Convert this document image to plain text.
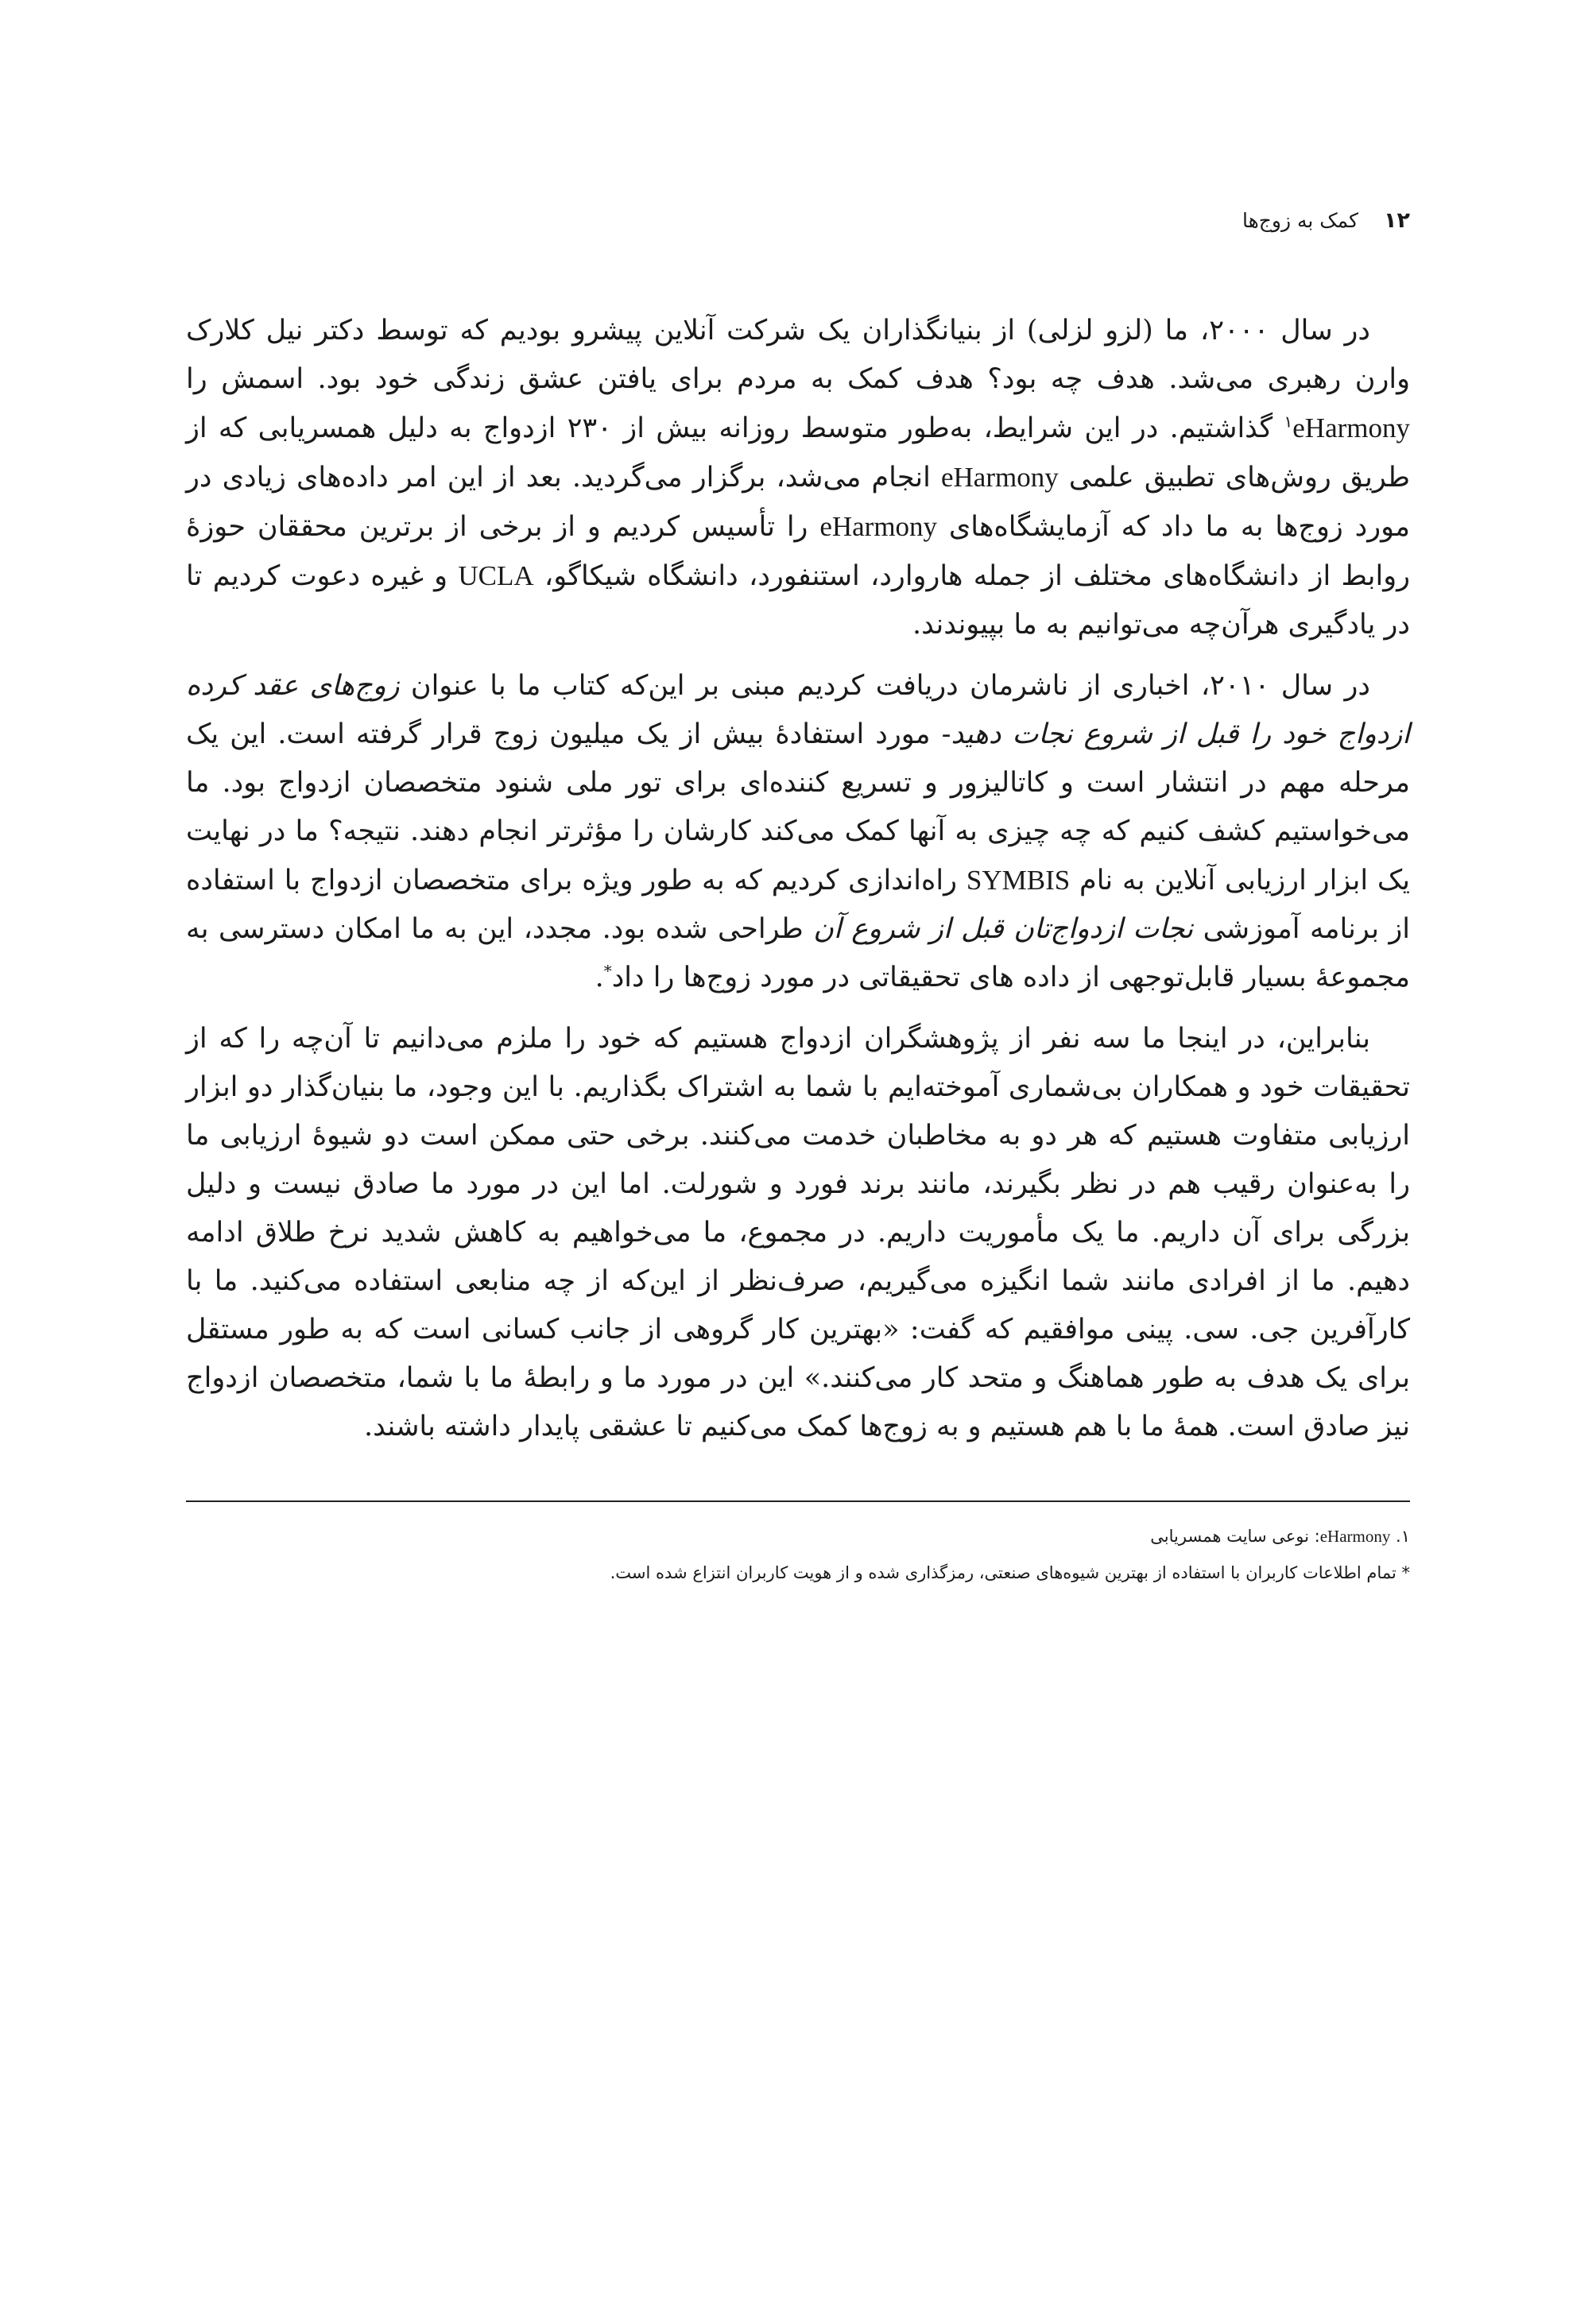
۱۲
کمک به زوج‌ها

در سال ۲۰۰۰، ما (لزو لزلی) از بنیانگذاران یک شرکت آنلاین پیشرو بودیم که توسط دکتر نیل کلارک وارن رهبری می‌شد. هدف چه بود؟ هدف کمک به مردم برای یافتن عشق زندگی خود بود. اسمش را eHarmony$^۱$ گذاشتیم. در این شرایط، به‌طور متوسط روزانه بیش از ۲۳۰ ازدواج به دلیل همسریابی که از طریق روش‌های تطبیق علمی eHarmony انجام می‌شد، برگزار می‌گردید. بعد از این امر داده‌های زیادی در مورد زوج‌ها به ما داد که آزمایشگاه‌های eHarmony را تأسیس کردیم و از برخی از برترین محققان حوزهٔ روابط از دانشگاه‌های مختلف از جمله هاروارد، استنفورد، دانشگاه شیکاگو، UCLA و غیره دعوت کردیم تا در یادگیری هرآن‌چه می‌توانیم به ما بپیوندند.

در سال ۲۰۱۰، اخباری از ناشرمان دریافت کردیم مبنی بر این‌که کتاب ما با عنوان زوج‌های عقد کرده ازدواج خود را قبل از شروع نجات دهید- مورد استفادهٔ بیش از یک میلیون زوج قرار گرفته است. این یک مرحله مهم در انتشار است و کاتالیزور و تسریع کننده‌ای برای تور ملی شنود متخصصان ازدواج بود. ما می‌خواستیم کشف کنیم که چه چیزی به آنها کمک می‌کند کارشان را مؤثرتر انجام دهند. نتیجه؟ ما در نهایت یک ابزار ارزیابی آنلاین به نام SYMBIS راه‌اندازی کردیم که به طور ویژه برای متخصصان ازدواج با استفاده از برنامه آموزشی نجات ازدواج‌تان قبل از شروع آن طراحی شده بود. مجدد، این به ما امکان دسترسی به مجموعهٔ بسیار قابل‌توجهی از داده های تحقیقاتی در مورد زوج‌ها را داد*.

بنابراین، در اینجا ما سه نفر از پژوهشگران ازدواج هستیم که خود را ملزم می‌دانیم تا آن‌چه را که از تحقیقات خود و همکاران بی‌شماری آموخته‌ایم با شما به اشتراک بگذاریم. با این وجود، ما بنیان‌گذار دو ابزار ارزیابی متفاوت هستیم که هر دو به مخاطبان خدمت می‌کنند. برخی حتی ممکن است دو شیوهٔ ارزیابی ما را به‌عنوان رقیب هم در نظر بگیرند، مانند برند فورد و شورلت. اما این در مورد ما صادق نیست و دلیل بزرگی برای آن داریم. ما یک مأموریت داریم. در مجموع، ما می‌خواهیم به کاهش شدید نرخ طلاق ادامه دهیم. ما از افرادی مانند شما انگیزه می‌گیریم، صرف‌نظر از این‌که از چه منابعی استفاده می‌کنید. ما با کارآفرین جی. سی. پینی موافقیم که گفت: «بهترین کار گروهی از جانب کسانی است که به طور مستقل برای یک هدف به طور هماهنگ و متحد کار می‌کنند.» این در مورد ما و رابطهٔ ما با شما، متخصصان ازدواج نیز صادق است. همهٔ ما با هم هستیم و به زوج‌ها کمک می‌کنیم تا عشقی پایدار داشته باشند.

۱. eHarmony: نوعی سایت همسریابی
* تمام اطلاعات کاربران با استفاده از بهترین شیوه‌های صنعتی، رمزگذاری شده و از هویت کاربران انتزاع شده است.
